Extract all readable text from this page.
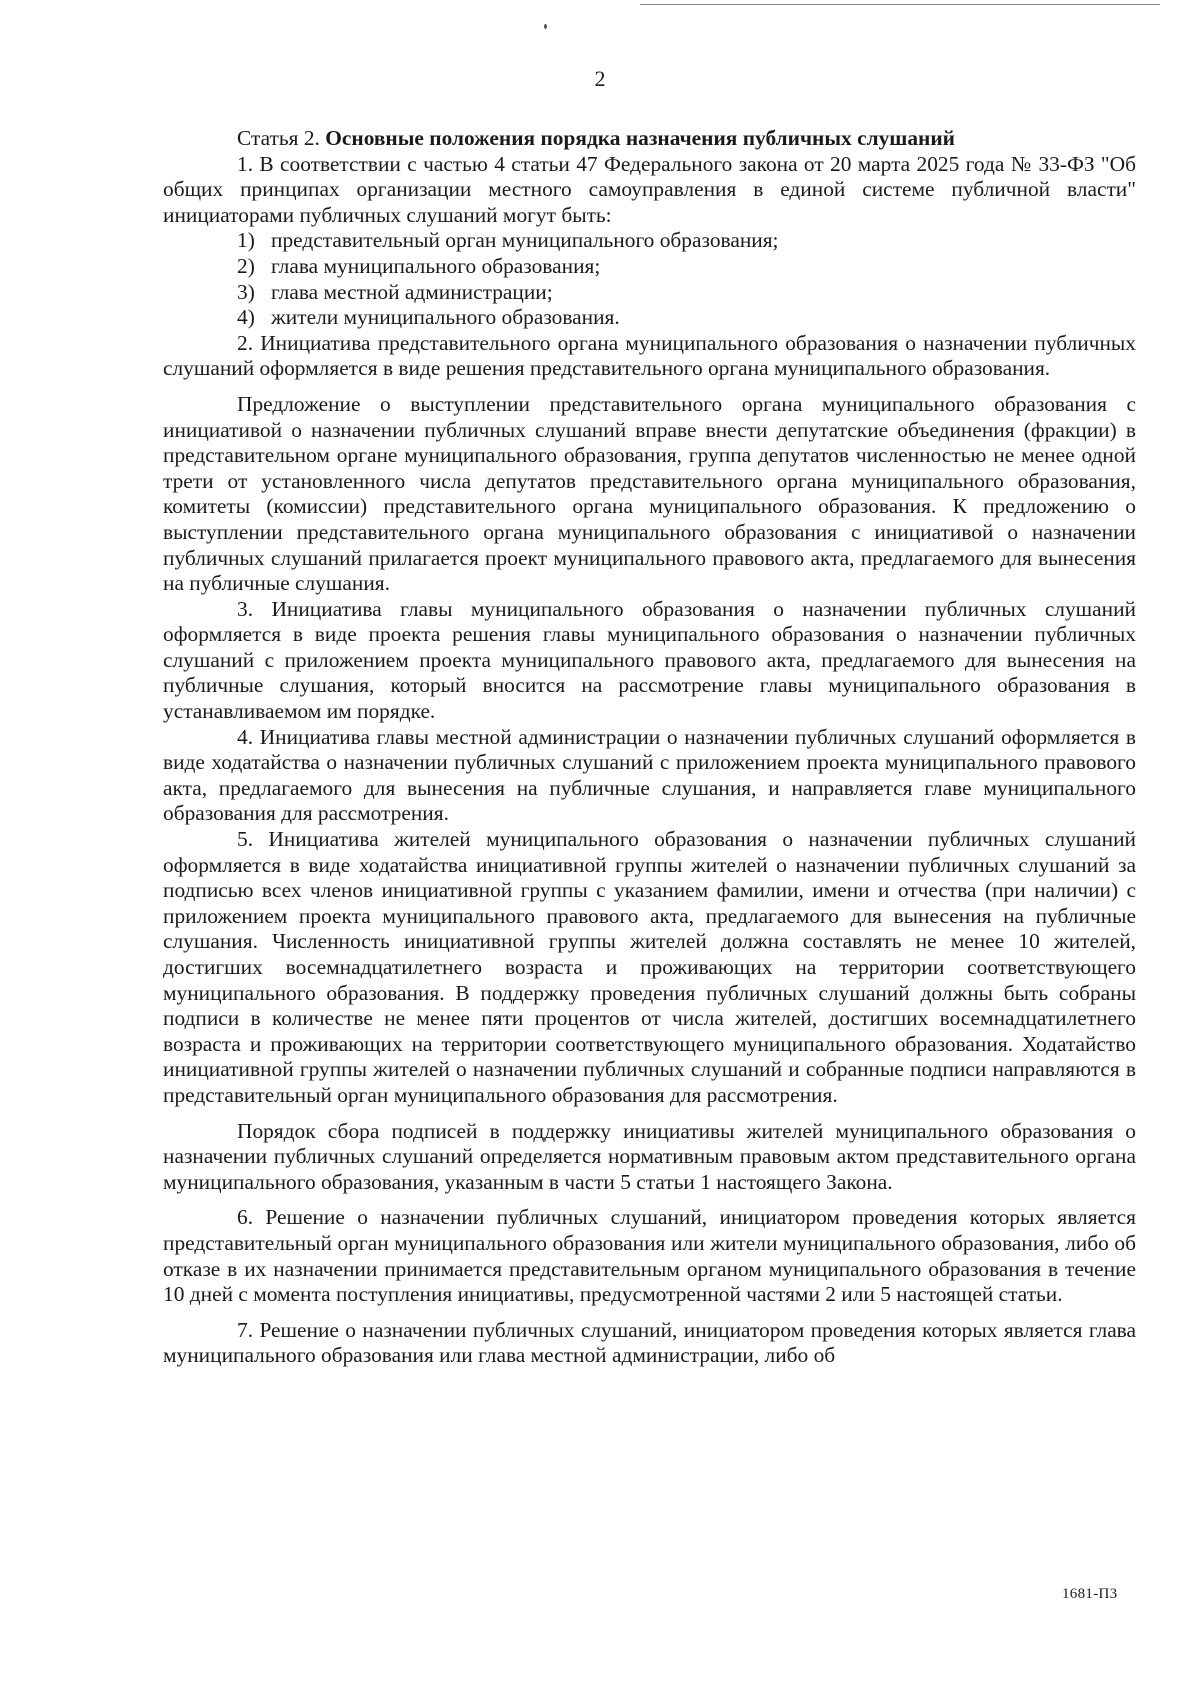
2

Статья 2. Основные положения порядка назначения публичных слушаний

1. В соответствии с частью 4 статьи 47 Федерального закона от 20 марта 2025 года № 33-ФЗ "Об общих принципах организации местного самоуправления в единой системе публичной власти" инициаторами публичных слушаний могут быть:

1) представительный орган муниципального образования;
2) глава муниципального образования;
3) глава местной администрации;
4) жители муниципального образования.

2. Инициатива представительного органа муниципального образования о назначении публичных слушаний оформляется в виде решения представительного органа муниципального образования.

Предложение о выступлении представительного органа муниципального образования с инициативой о назначении публичных слушаний вправе внести депутатские объединения (фракции) в представительном органе муниципального образования, группа депутатов численностью не менее одной трети от установленного числа депутатов представительного органа муниципального образования, комитеты (комиссии) представительного органа муниципального образования. К предложению о выступлении представительного органа муниципального образования с инициативой о назначении публичных слушаний прилагается проект муниципального правового акта, предлагаемого для вынесения на публичные слушания.

3. Инициатива главы муниципального образования о назначении публичных слушаний оформляется в виде проекта решения главы муниципального образования о назначении публичных слушаний с приложением проекта муниципального правового акта, предлагаемого для вынесения на публичные слушания, который вносится на рассмотрение главы муниципального образования в устанавливаемом им порядке.

4. Инициатива главы местной администрации о назначении публичных слушаний оформляется в виде ходатайства о назначении публичных слушаний с приложением проекта муниципального правового акта, предлагаемого для вынесения на публичные слушания, и направляется главе муниципального образования для рассмотрения.

5. Инициатива жителей муниципального образования о назначении публичных слушаний оформляется в виде ходатайства инициативной группы жителей о назначении публичных слушаний за подписью всех членов инициативной группы с указанием фамилии, имени и отчества (при наличии) с приложением проекта муниципального правового акта, предлагаемого для вынесения на публичные слушания. Численность инициативной группы жителей должна составлять не менее 10 жителей, достигших восемнадцатилетнего возраста и проживающих на территории соответствующего муниципального образования. В поддержку проведения публичных слушаний должны быть собраны подписи в количестве не менее пяти процентов от числа жителей, достигших восемнадцатилетнего возраста и проживающих на территории соответствующего муниципального образования. Ходатайство инициативной группы жителей о назначении публичных слушаний и собранные подписи направляются в представительный орган муниципального образования для рассмотрения.

Порядок сбора подписей в поддержку инициативы жителей муниципального образования о назначении публичных слушаний определяется нормативным правовым актом представительного органа муниципального образования, указанным в части 5 статьи 1 настоящего Закона.

6. Решение о назначении публичных слушаний, инициатором проведения которых является представительный орган муниципального образования или жители муниципального образования, либо об отказе в их назначении принимается представительным органом муниципального образования в течение 10 дней с момента поступления инициативы, предусмотренной частями 2 или 5 настоящей статьи.

7. Решение о назначении публичных слушаний, инициатором проведения которых является глава муниципального образования или глава местной администрации, либо об

1681-П3
